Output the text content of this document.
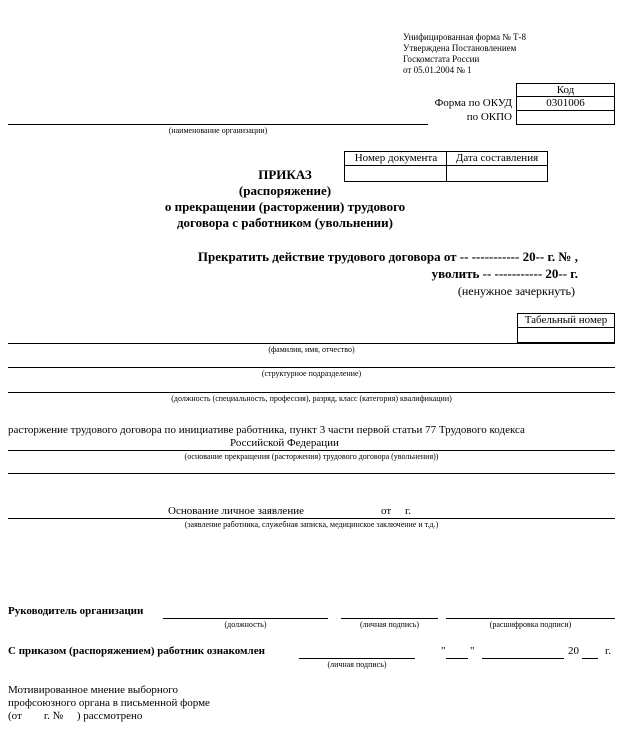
Унифицированная форма № Т-8
Утверждена Постановлением
Госкомстата России
от 05.01.2004 № 1
Код
0301006
Форма по ОКУД
по ОКПО
(наименование организации)
Номер документа	Дата составления
ПРИКАЗ
(распоряжение)
о прекращении (расторжении) трудового
договора с работником (увольнении)
Прекратить действие трудового договора от -- ----------- 20-- г. № ,
уволить -- ----------- 20-- г.
(ненужное зачеркнуть)
Табельный номер
(фамилия, имя, отчество)
(структурное подразделение)
(должность (специальность, профессия), разряд, класс (категория) квалификации)
расторжение трудового договора по инициативе работника, пункт 3 части первой статьи 77 Трудового кодекса
Российской Федерации
(основание прекращения (расторжения) трудового договора (увольнения))
Основание личное заявление	от г.
(заявление работника, служебная записка, медицинское заключение и т.д.)
Руководитель организации
(должность)	(личная подпись)	(расшифровка подписи)
С приказом (распоряжением) работник ознакомлен
(личная подпись)
" "	20 г.
Мотивированное мнение выборного
профсоюзного органа в письменной форме
(от        г. №     ) рассмотрено
